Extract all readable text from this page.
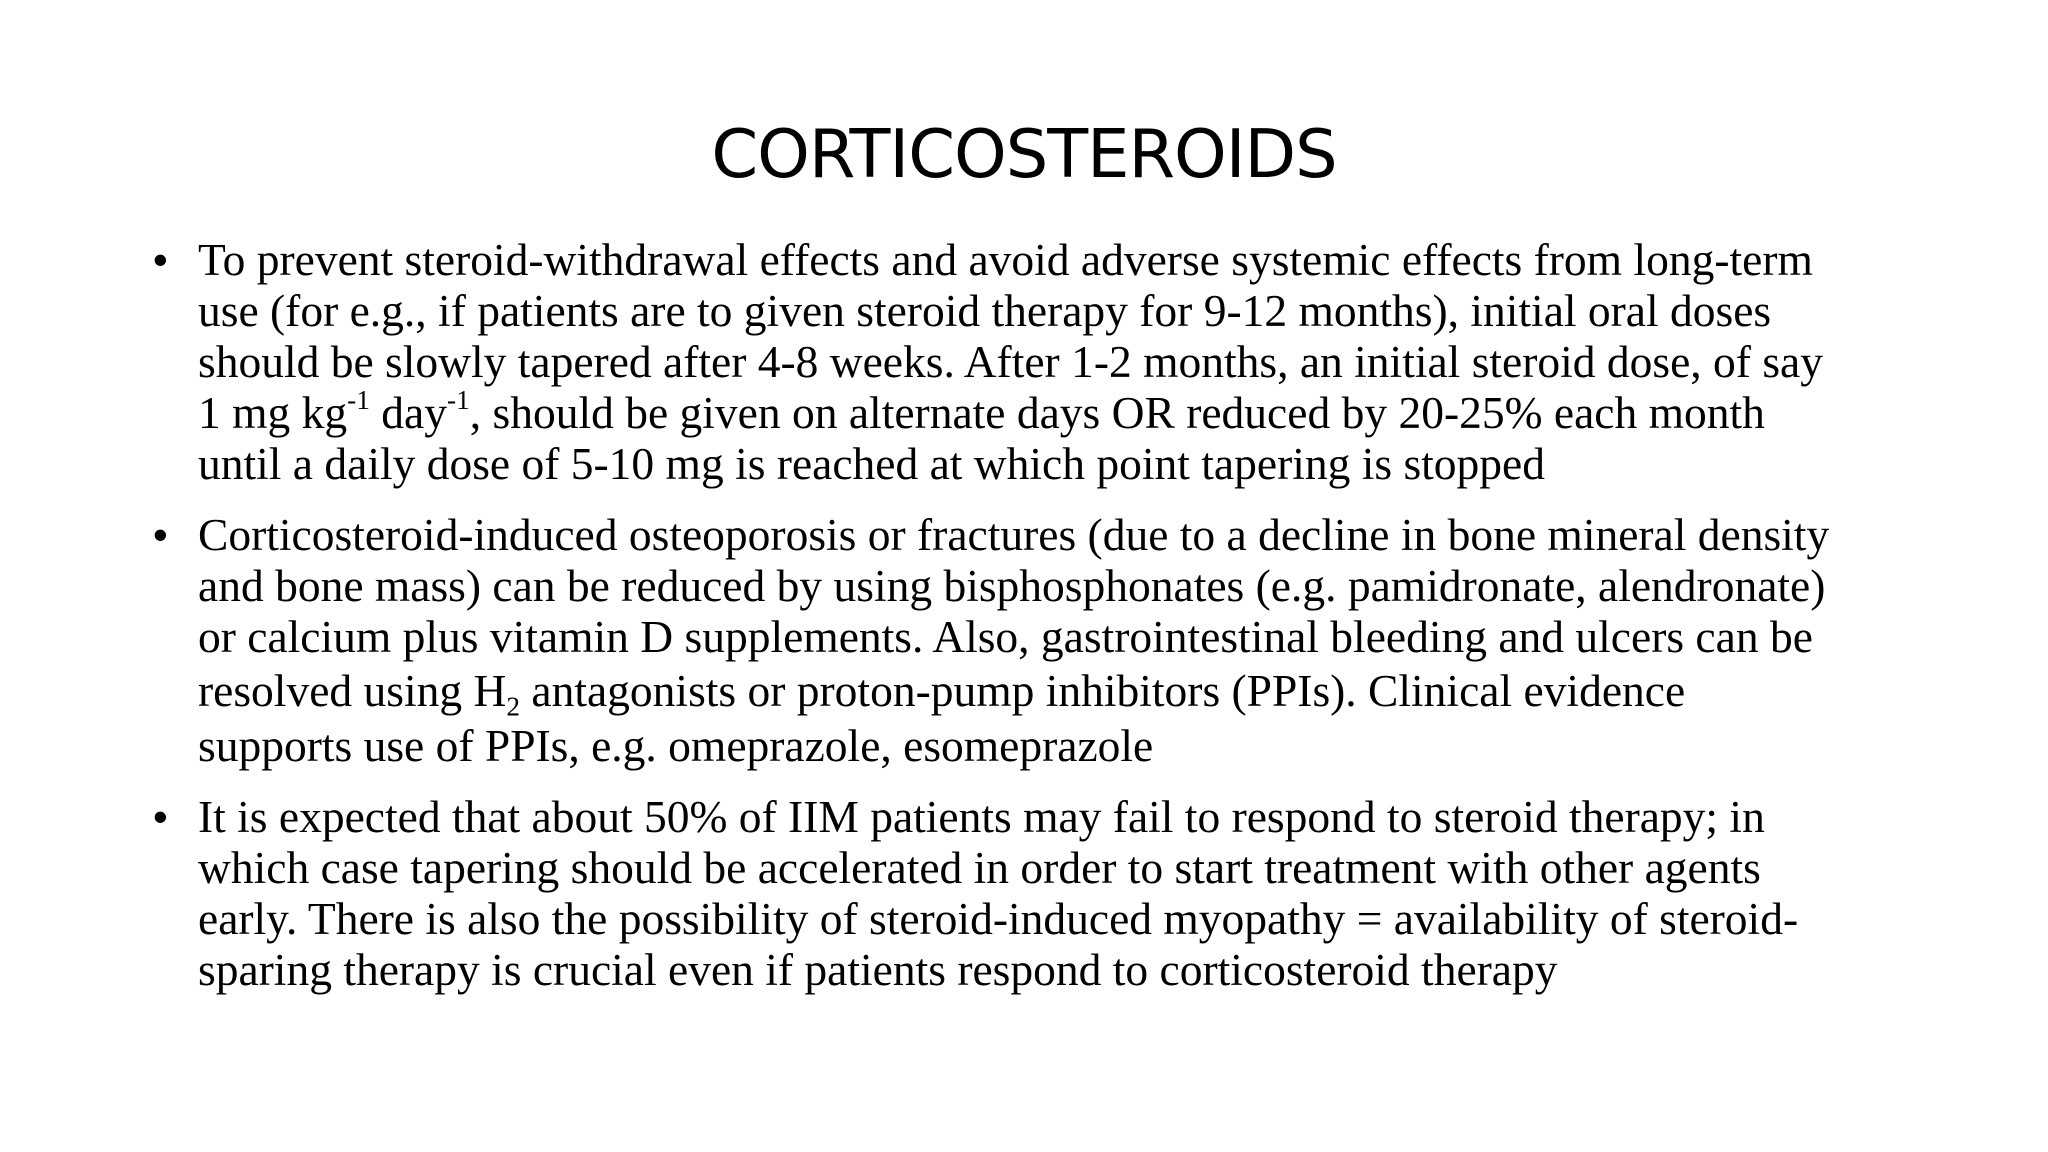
CORTICOSTEROIDS
• To prevent steroid-withdrawal effects and avoid adverse systemic effects from long-term
use (for e.g., if patients are to given steroid therapy for 9-12 months), initial oral doses
should be slowly tapered after 4-8 weeks. After 1-2 months, an initial steroid dose, of say
1 mg $kg^{-1}$ day$^{-1}$, should be given on alternate days OR reduced by 20-25% each month
until a daily dose of 5-10 mg is reached at which point tapering is stopped
• Corticosteroid-induced osteoporosis or fractures (due to a decline in bone mineral density
and bone mass) can be reduced by using bisphosphonates (e.g. pamidronate, alendronate)
or calcium plus vitamin D supplements. Also, gastrointestinal bleeding and ulcers can be
resolved using $H_2$ antagonists or proton-pump inhibitors (PPIs). Clinical evidence
supports use of PPIs, e.g. omeprazole, esomeprazole
• It is expected that about 50% of IIM patients may fail to respond to steroid therapy; in
which case tapering should be accelerated in order to start treatment with other agents
early. There is also the possibility of steroid-induced myopathy = availability of steroid-
sparing therapy is crucial even if patients respond to corticosteroid therapy
